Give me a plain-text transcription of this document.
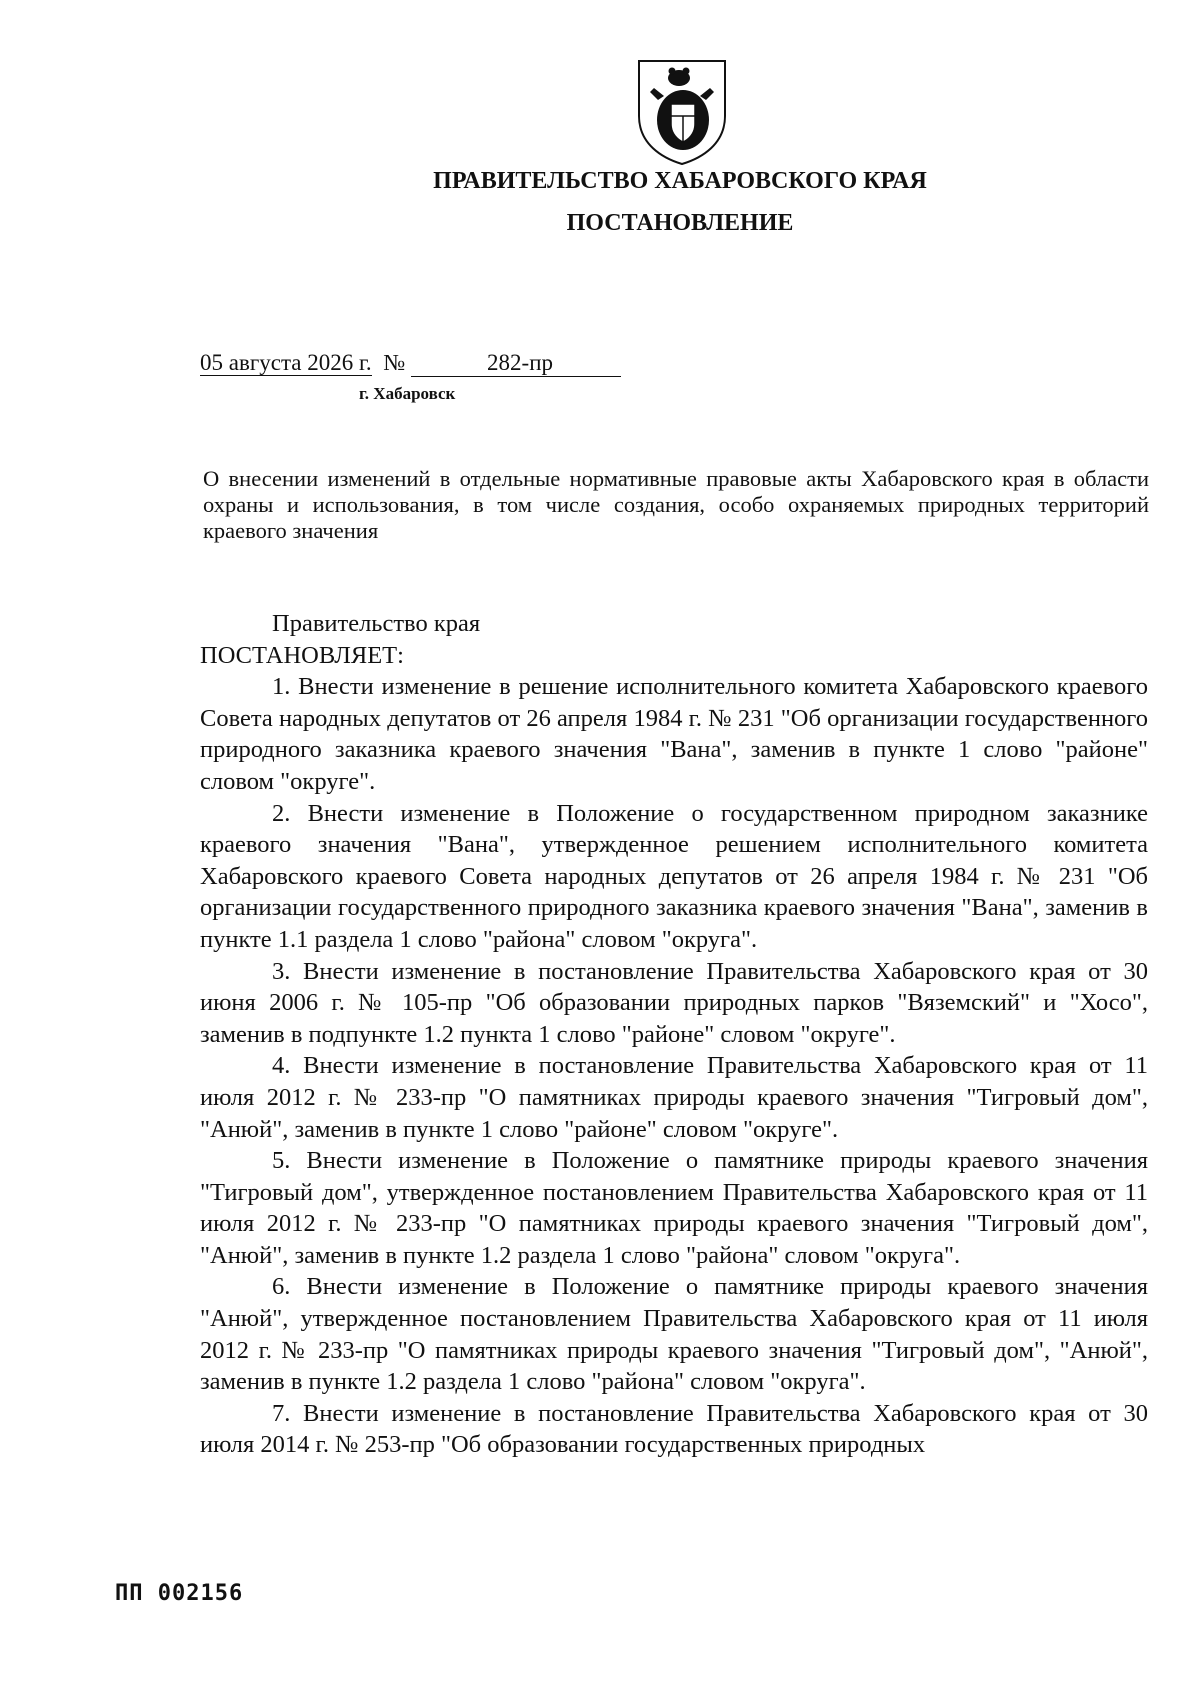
ПРАВИТЕЛЬСТВО ХАБАРОВСКОГО КРАЯ
ПОСТАНОВЛЕНИЕ
05 августа 2026 г. №	282-пр
г. Хабаровск
О внесении изменений в отдельные нормативные правовые акты Хабаровского края в области охраны и использования, в том числе создания, особо охраняемых природных территорий краевого значения

Правительство края

ПОСТАНОВЛЯЕТ:

1. Внести изменение в решение исполнительного комитета Хабаровского краевого Совета народных депутатов от 26 апреля 1984 г. № 231 "Об организации государственного природного заказника краевого значения "Вана", заменив в пункте 1 слово "районе" словом "округе".

2. Внести изменение в Положение о государственном природном заказнике краевого значения "Вана", утвержденное решением исполнительного комитета Хабаровского краевого Совета народных депутатов от 26 апреля 1984 г. № 231 "Об организации государственного природного заказника краевого значения "Вана", заменив в пункте 1.1 раздела 1 слово "района" словом "округа".

3. Внести изменение в постановление Правительства Хабаровского края от 30 июня 2006 г. № 105-пр "Об образовании природных парков "Вяземский" и "Хосо", заменив в подпункте 1.2 пункта 1 слово "районе" словом "округе".

4. Внести изменение в постановление Правительства Хабаровского края от 11 июля 2012 г. № 233-пр "О памятниках природы краевого значения "Тигровый дом", "Анюй", заменив в пункте 1 слово "районе" словом "округе".

5. Внести изменение в Положение о памятнике природы краевого значения "Тигровый дом", утвержденное постановлением Правительства Хабаровского края от 11 июля 2012 г. № 233-пр "О памятниках природы краевого значения "Тигровый дом", "Анюй", заменив в пункте 1.2 раздела 1 слово "района" словом "округа".

6. Внести изменение в Положение о памятнике природы краевого значения "Анюй", утвержденное постановлением Правительства Хабаровского края от 11 июля 2012 г. № 233-пр "О памятниках природы краевого значения "Тигровый дом", "Анюй", заменив в пункте 1.2 раздела 1 слово "района" словом "округа".

7. Внести изменение в постановление Правительства Хабаровского края от 30 июля 2014 г. № 253-пр "Об образовании государственных природных

ПП 002156
